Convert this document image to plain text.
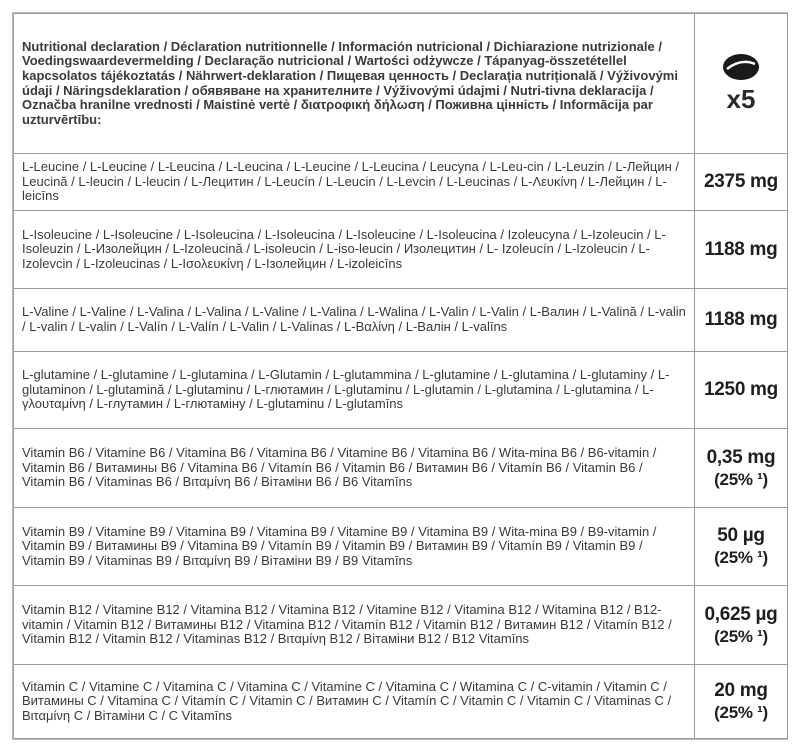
Nutritional declaration / Déclaration nutritionnelle / Información nutricional / Dichiarazione nutrizionale / Voedingswaardevermelding / Declaração nutricional / Wartości odżywcze / Tápanyag-összetétellel kapcsolatos tájékoztatás / Nährwert-deklaration / Пищевая ценность / Declarația nutrițională / Výživovými údaji / Näringsdeklaration / обявяване на хранителните / Výživovými údajmi / Nutri-tivna deklaracija / Označba hranilne vrednosti / Maistinė vertė / διατροφική δήλωση / Поживна цінність / Informācija par uzturvērtību:	x5

L-Leucine / L-Leucine / L-Leucina / L-Leucina / L-Leucine / L-Leucina / Leucyna / L-Leu-cin / L-Leuzin / L-Лейцин / Leucină / L-leucin / L-leucin / L-Лецитин / L-Leucín / L-Leucin / L-Levcin / L-Leucinas / L-Λευκίνη / L-Лейцин / L-leicīns	2375 mg
L-Isoleucine / L-Isoleucine / L-Isoleucina / L-Isoleucina / L-Isoleucine / L-Isoleucina / Izoleucyna / L-Izoleucin / L-Isoleuzin / L-Изолейцин / L-Izoleucină / L-isoleucin / L-iso-leucin / Изолецитин / L- Izoleucín / L-Izoleucin / L-Izolevcin / L-Izoleucinas / L-Ισολευκίνη / L-Ізолейцин / L-izoleicīns	1188 mg
L-Valine / L-Valine / L-Valina / L-Valina / L-Valine / L-Valina / L-Walina / L-Valin / L-Valin / L-Валин / L-Valină / L-valin / L-valin / L-valin / L-Valín / L-Valín / L-Valin / L-Valinas / L-Βαλίνη / L-Валін / L-valīns	1188 mg
L-glutamine / L-glutamine / L-glutamina / L-Glutamin / L-glutammina / L-glutamine / L-glutamina / L-glutaminy / L-glutaminon / L-glutamină / L-glutaminu / L-глютамин / L-glutaminu / L-glutamin / L-glutamina / L-glutamina / L-γλουταμίνη / L-глутамин / L-глютаміну / L-glutaminu / L-glutamīns	1250 mg
Vitamin B6 / Vitamine B6 / Vitamina B6 / Vitamina B6 / Vitamine B6 / Vitamina B6 / Wita-mina B6 / B6-vitamin / Vitamin B6 / Витамины B6 / Vitamina B6 / Vitamín B6 / Vitamin B6 / Витамин B6 / Vitamín B6 / Vitamin B6 / Vitamin B6 / Vitaminas B6 / Βιταμίνη B6 / Вітаміни B6 / B6 Vitamīns	0,35 mg
(25% ¹)

Vitamin B9 / Vitamine B9 / Vitamina B9 / Vitamina B9 / Vitamine B9 / Vitamina B9 / Wita-mina B9 / B9-vitamin / Vitamin B9 / Витамины B9 / Vitamina B9 / Vitamín B9 / Vitamin B9 / Витамин B9 / Vitamín B9 / Vitamin B9 / Vitamin B9 / Vitaminas B9 / Βιταμίνη B9 / Вітаміни B9 / B9 Vitamīns	50 µg
(25% ¹)

Vitamin B12 / Vitamine B12 / Vitamina B12 / Vitamina B12 / Vitamine B12 / Vitamina B12 / Witamina B12 / B12-vitamin / Vitamin B12 / Витамины B12 / Vitamina B12 / Vitamín B12 / Vitamin B12 / Витамин B12 / Vitamín B12 / Vitamin B12 / Vitamin B12 / Vitaminas B12 / Βιταμίνη B12 / Вітаміни B12 / B12 Vitamīns	0,625 µg
(25% ¹)

Vitamin C / Vitamine C / Vitamina C / Vitamina C / Vitamine C / Vitamina C / Witamina C / C-vitamin / Vitamin C / Витамины C / Vitamina C / Vitamín C / Vitamin C / Витамин C / Vitamín C / Vitamin C / Vitamin C / Vitaminas C / Βιταμίνη C / Вітаміни C / C Vitamīns	20 mg
(25% ¹)
